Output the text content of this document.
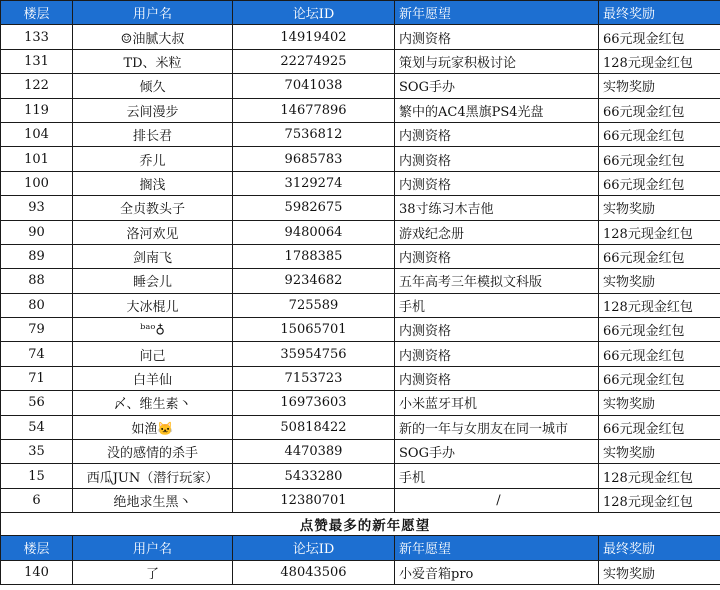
楼层	用户名	论坛ID	新年愿望	最终奖励
133	☺油腻大叔	14919402	内测资格	66元现金红包
131	TD、米粒	22274925	策划与玩家积极讨论	128元现金红包
122	倾久	7041038	SOG手办	实物奖励
119	云间漫步	14677896	繁中的AC4黑旗PS4光盘	66元现金红包
104	排长君	7536812	内测资格	66元现金红包
101	乔儿	9685783	内测资格	66元现金红包
100	搁浅	3129274	内测资格	66元现金红包
93	全贞教头子	5982675	38寸练习木吉他	实物奖励
90	洛河欢见	9480064	游戏纪念册	128元现金红包
89	剑南飞	1788385	内测资格	66元现金红包
88	睡会儿	9234682	五年高考三年模拟文科版	实物奖励
80	大冰棍儿	725589	手机	128元现金红包
79	ᵇᵃᵒ♁	15065701	内测资格	66元现金红包
74	问己	35954756	内测资格	66元现金红包
71	白羊仙	7153723	内测资格	66元现金红包
56	〆、维生素丶	16973603	小米蓝牙耳机	实物奖励
54	如渔🐱	50818422	新的一年与女朋友在同一城市	66元现金红包
35	没的感情的杀手	4470389	SOG手办	实物奖励
15	西瓜JUN（潜行玩家）	5433280	手机	128元现金红包
6	绝地求生黑丶	12380701	/	128元现金红包
点赞最多的新年愿望				
楼层	用户名	论坛ID	新年愿望	最终奖励
140	了	48043506	小爱音箱pro	实物奖励
